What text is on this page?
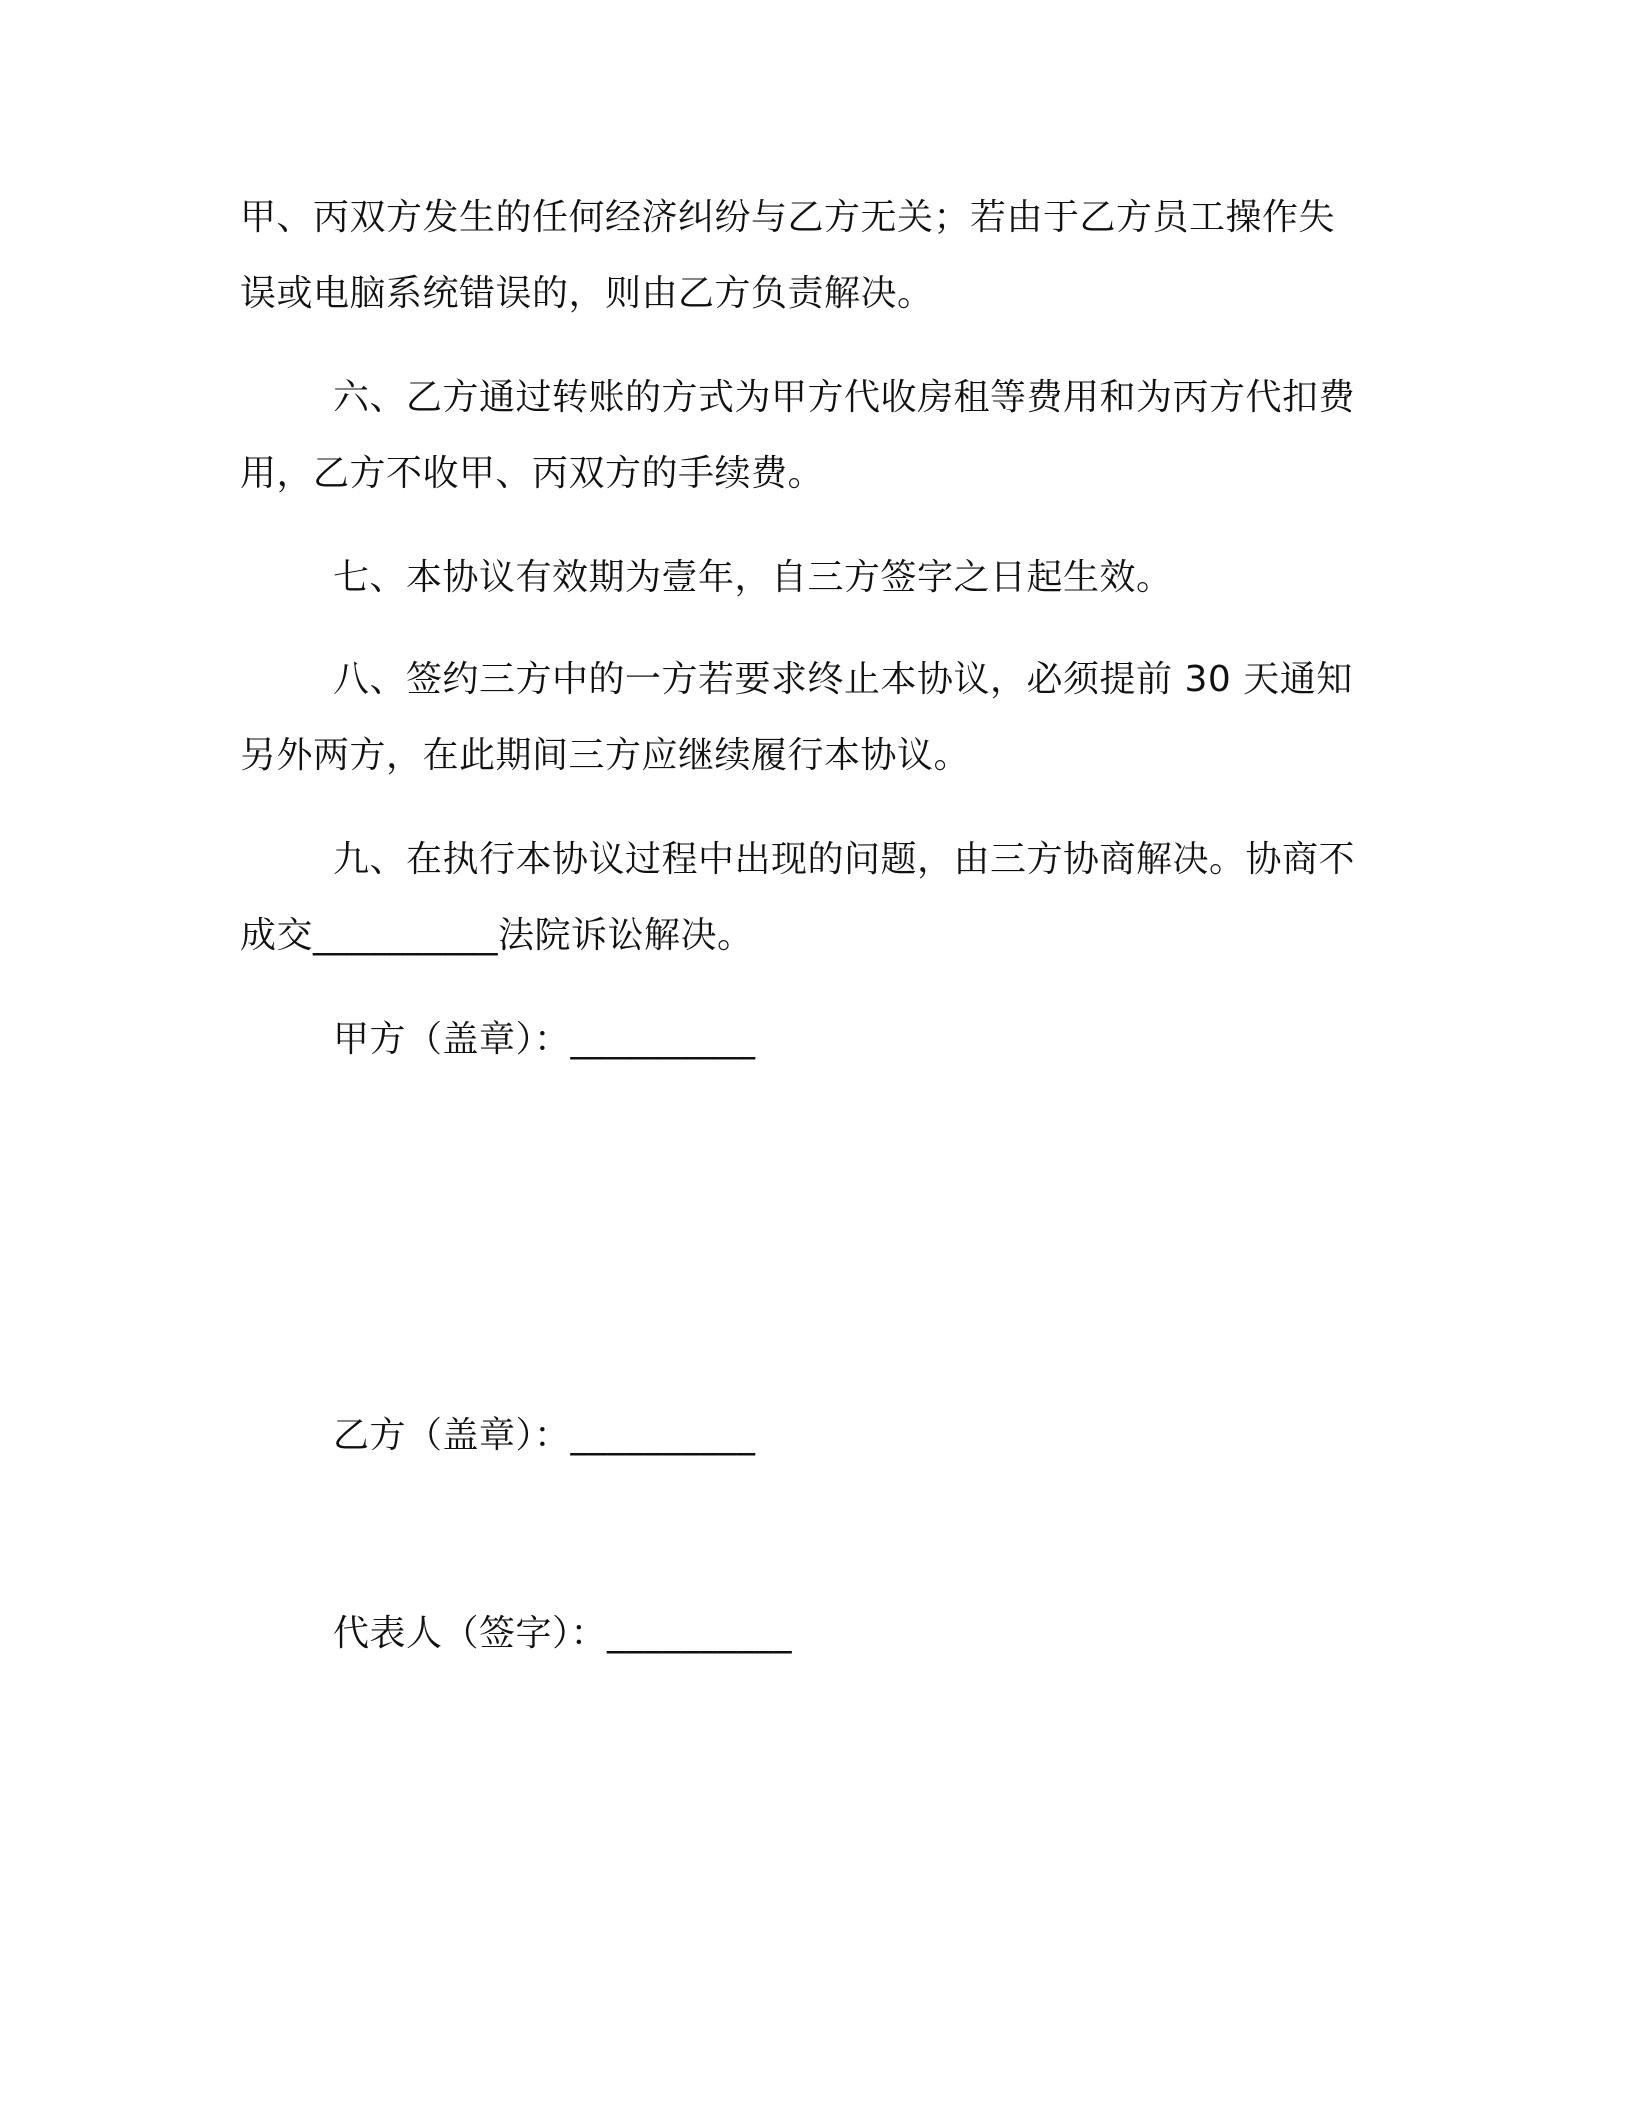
甲、丙双方发生的任何经济纠纷与乙方无关；若由于乙方员工操作失
误或电脑系统错误的，则由乙方负责解决。
六、乙方通过转账的方式为甲方代收房租等费用和为丙方代扣费
用，乙方不收甲、丙双方的手续费。
七、本协议有效期为壹年，自三方签字之日起生效。
八、签约三方中的一方若要求终止本协议，必须提前 30 天通知
另外两方，在此期间三方应继续履行本协议。
九、在执行本协议过程中出现的问题，由三方协商解决。协商不
成交__________法院诉讼解决。
甲方（盖章）：__________
乙方（盖章）：__________
代表人（签字）：__________
